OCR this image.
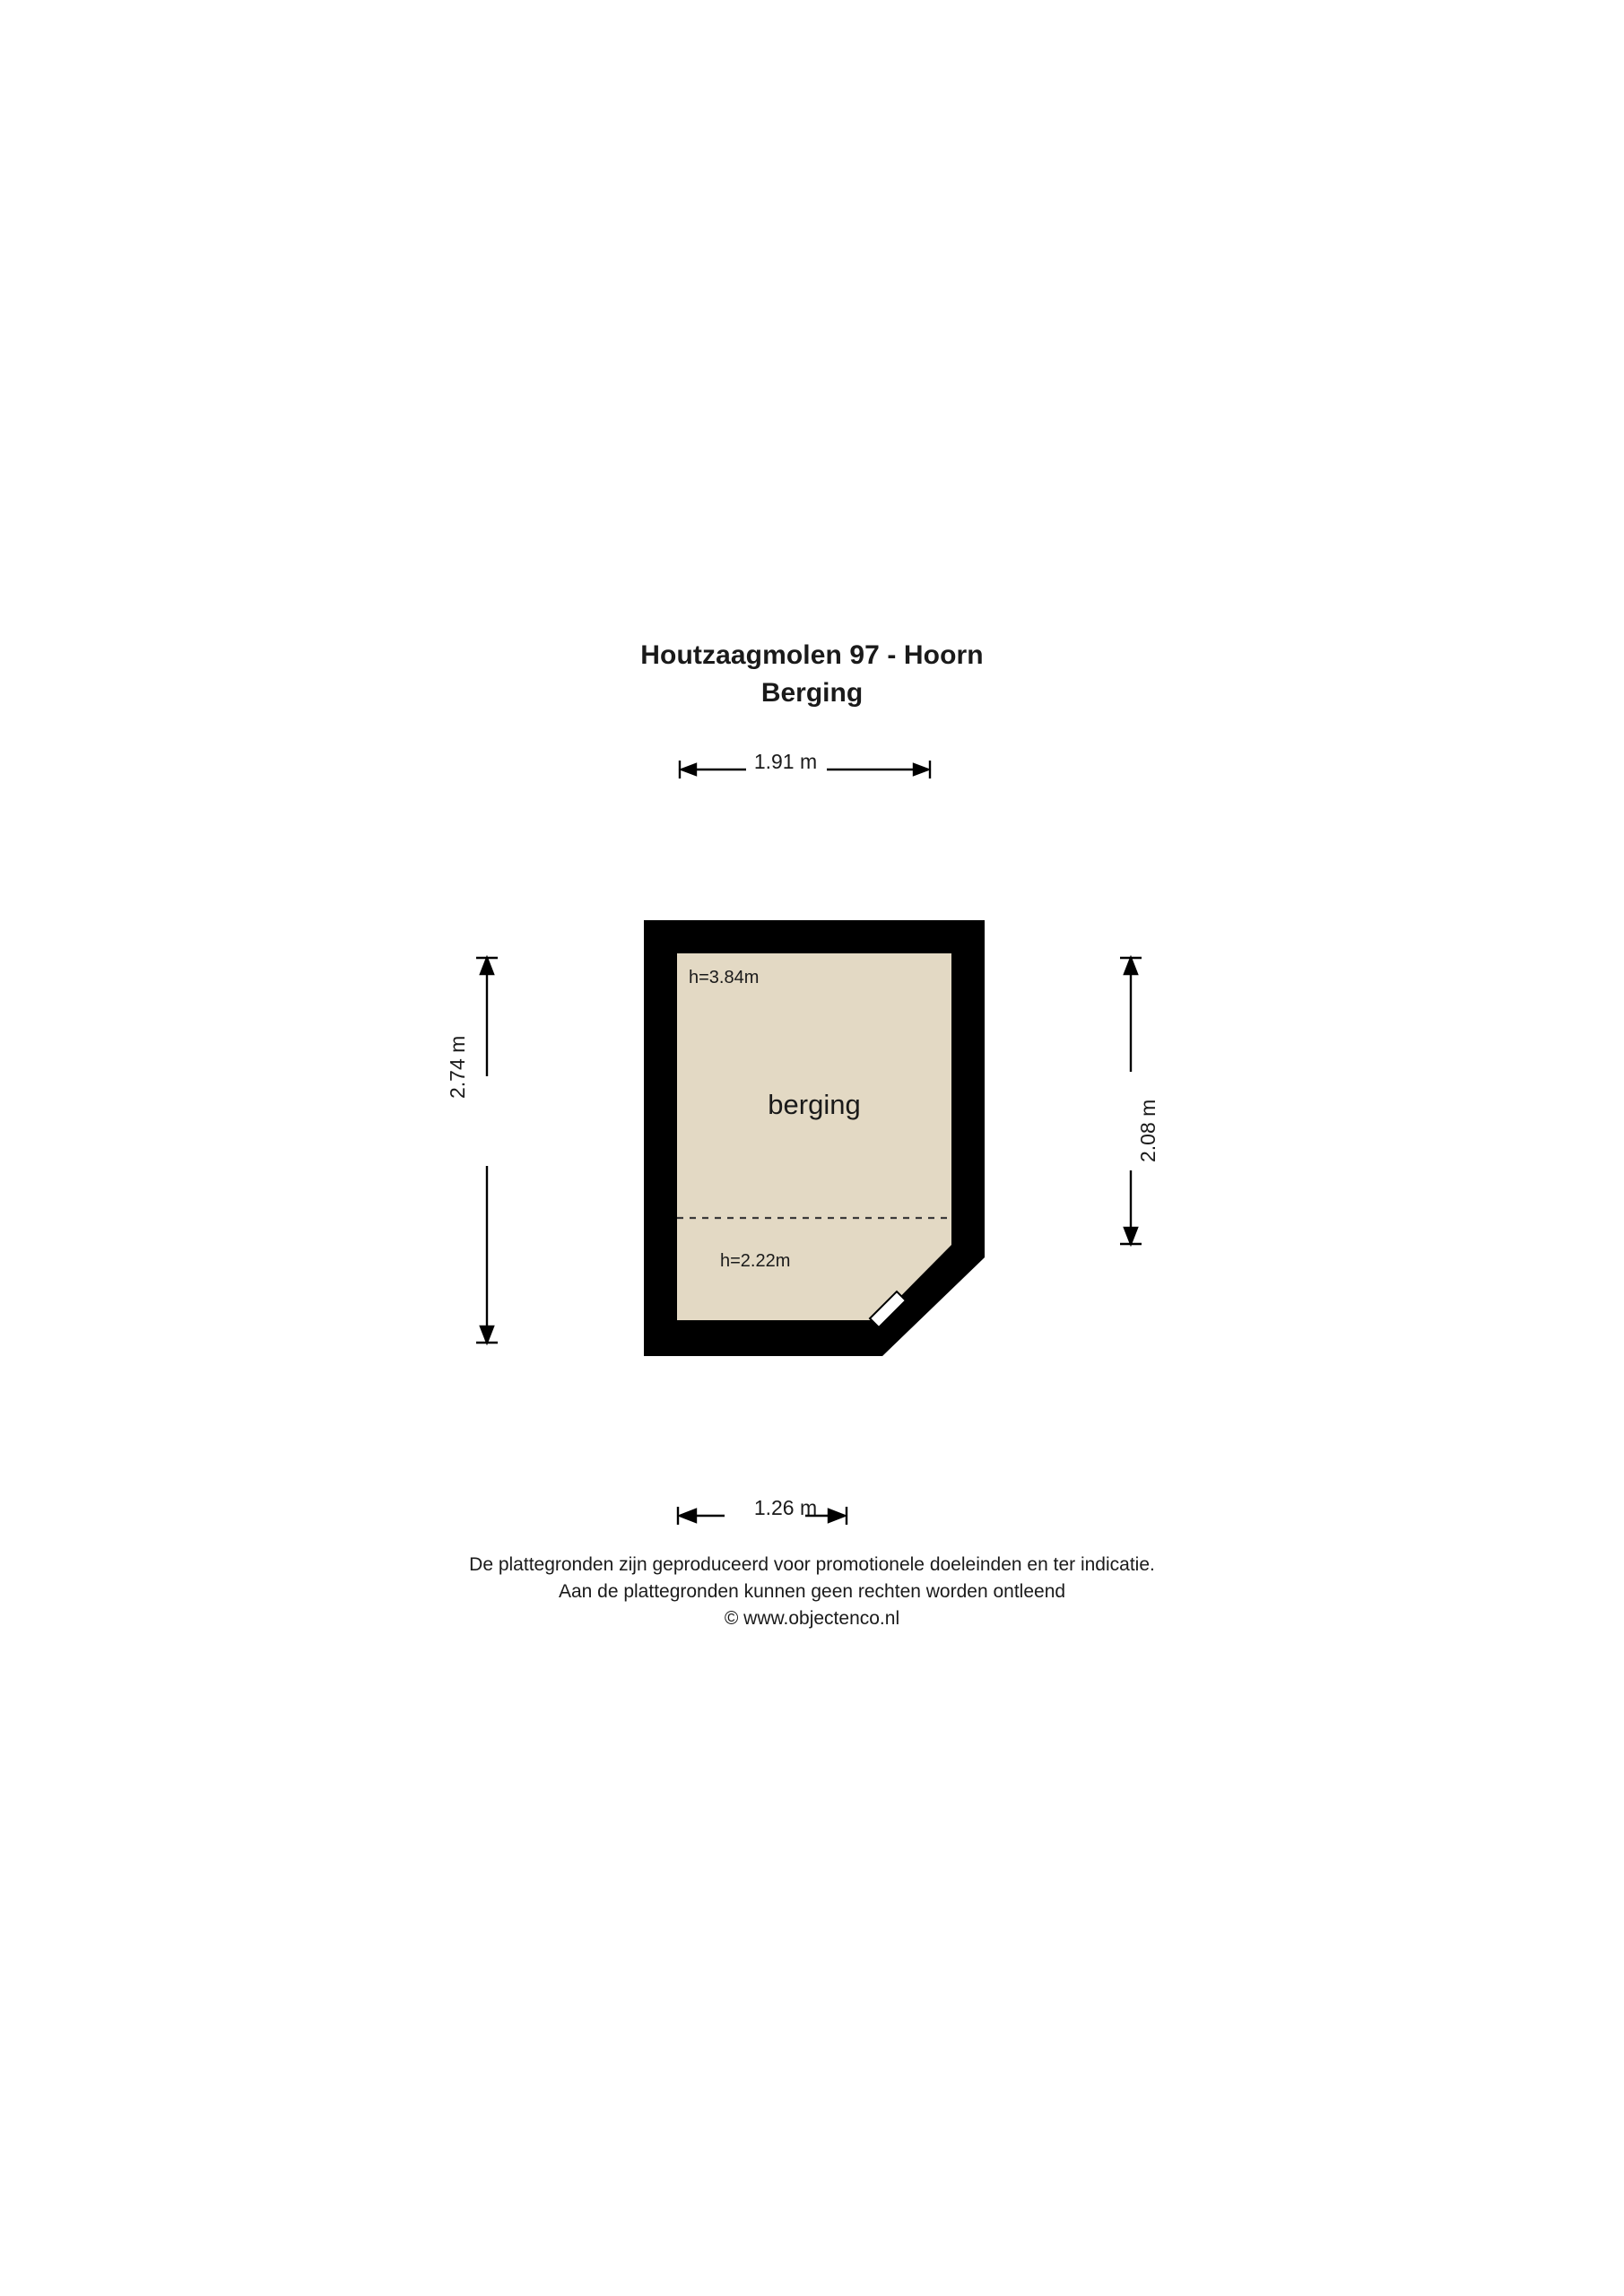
Houtzaagmolen 97 - Hoorn
Berging
1.91 m
1.26 m
2.74 m
2.08 m
berging
h=3.84m
h=2.22m
De plattegronden zijn geproduceerd voor promotionele doeleinden en ter indicatie.
Aan de plattegronden kunnen geen rechten worden ontleend
© www.objectenco.nl
